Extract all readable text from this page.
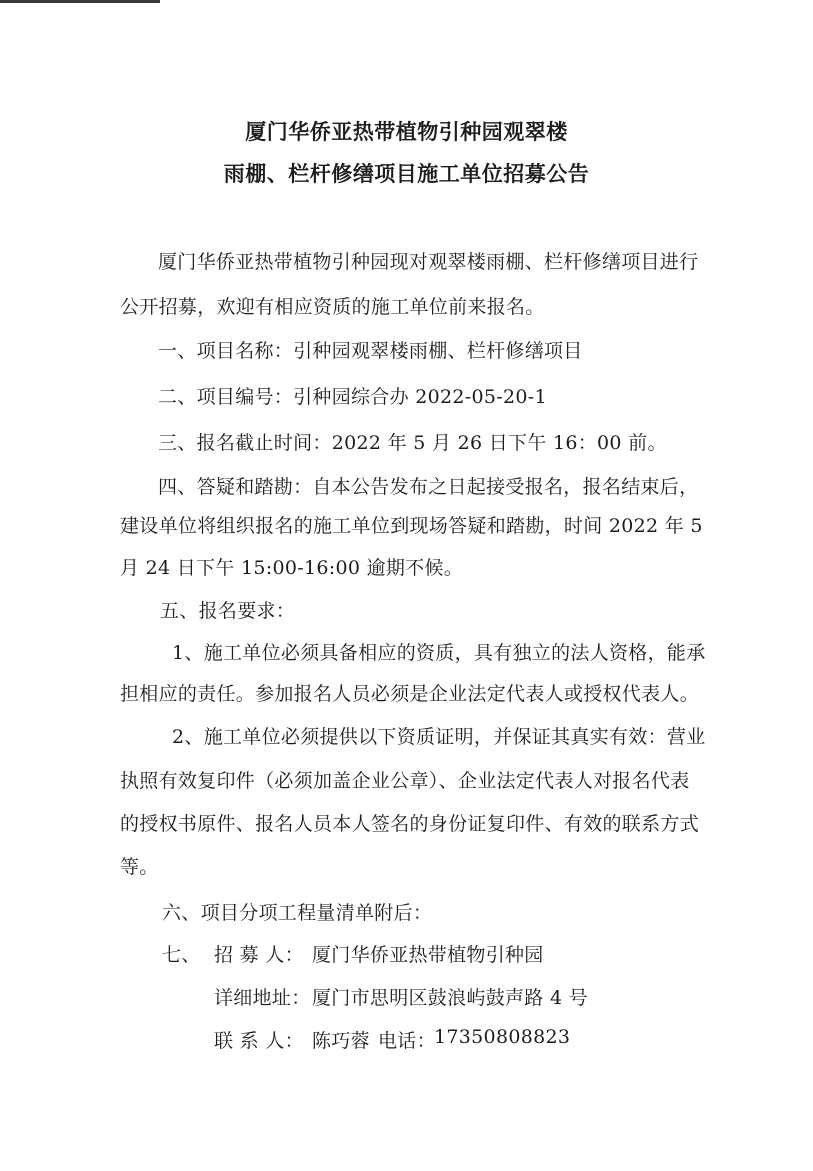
厦门华侨亚热带植物引种园观翠楼
雨棚、栏杆修缮项目施工单位招募公告
厦门华侨亚热带植物引种园现对观翠楼雨棚、栏杆修缮项目进行
公开招募，欢迎有相应资质的施工单位前来报名。
一、项目名称：引种园观翠楼雨棚、栏杆修缮项目
二、项目编号：引种园综合办 2022-05-20-1
三、报名截止时间：2022 年 5 月 26 日下午 16：00 前。
四、答疑和踏勘：自本公告发布之日起接受报名，报名结束后，
建设单位将组织报名的施工单位到现场答疑和踏勘，时间 2022 年 5
月 24 日下午 15:00-16:00 逾期不候。
五、报名要求：
1、施工单位必须具备相应的资质，具有独立的法人资格，能承
担相应的责任。参加报名人员必须是企业法定代表人或授权代表人。
2、施工单位必须提供以下资质证明，并保证其真实有效：营业
执照有效复印件（必须加盖企业公章）、企业法定代表人对报名代表
的授权书原件、报名人员本人签名的身份证复印件、有效的联系方式
等。
六、项目分项工程量清单附后：
七、 招 募 人： 厦门华侨亚热带植物引种园
详细地址： 厦门市思明区鼓浪屿鼓声路 4 号
联 系 人： 陈巧蓉 电话：
17350808823
